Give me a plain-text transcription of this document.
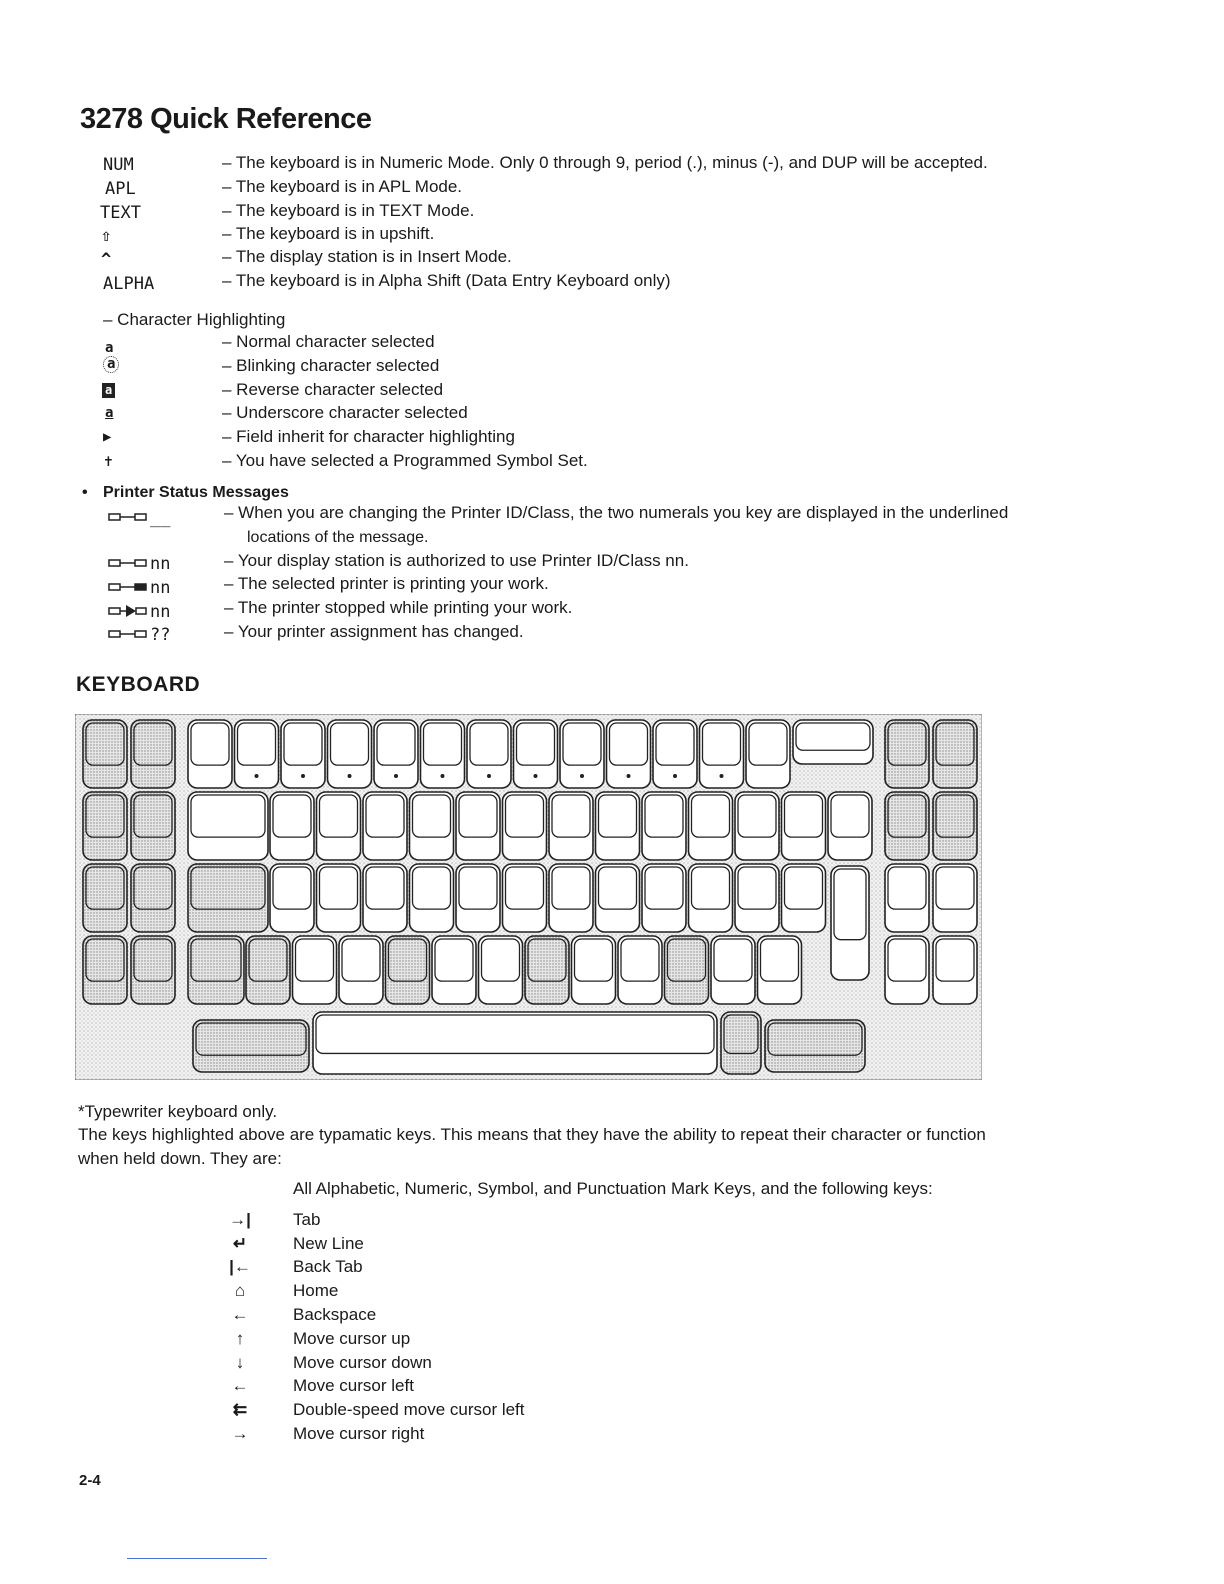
3278 Quick Reference
NUM	– The keyboard is in Numeric Mode. Only 0 through 9, period (.), minus (-), and DUP will be accepted.
APL	– The keyboard is in APL Mode.
TEXT	– The keyboard is in TEXT Mode.
⇧	– The keyboard is in upshift.
^	– The display station is in Insert Mode.
ALPHA	– The keyboard is in Alpha Shift (Data Entry Keyboard only)
– Character Highlighting
a	– Normal character selected
a	– Blinking character selected
a	– Reverse character selected
a	– Underscore character selected
▶	– Field inherit for character highlighting
✝	– You have selected a Programmed Symbol Set.
• Printer Status Messages
__	– When you are changing the Printer ID/Class, the two numerals you key are displayed in the underlined
locations of the message.
nn	– Your display station is authorized to use Printer ID/Class nn.
nn	– The selected printer is printing your work.
nn	– The printer stopped while printing your work.
??	– Your printer assignment has changed.
KEYBOARD
*Typewriter keyboard only.
The keys highlighted above are typamatic keys. This means that they have the ability to repeat their character or function
when held down. They are:
All Alphabetic, Numeric, Symbol, and Punctuation Mark Keys, and the following keys:
→|	Tab
↵	New Line
|←	Back Tab
⌂	Home
←	Backspace
↑	Move cursor up
↓	Move cursor down
←	Move cursor left
⇇	Double-speed move cursor left
→	Move cursor right
2-4
